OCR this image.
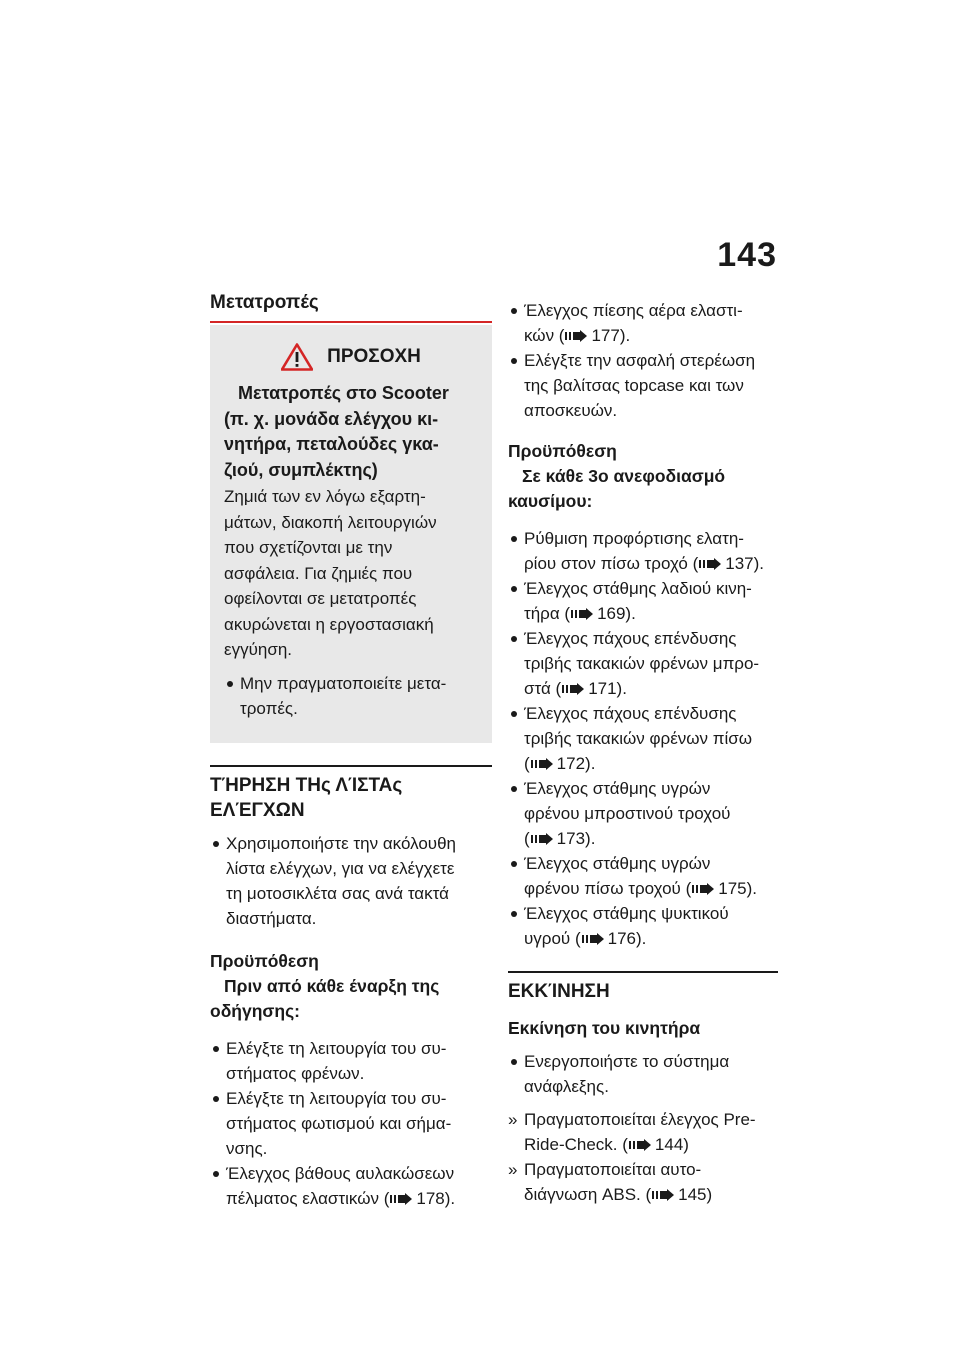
143
Μετατροπές
ΠΡΟΣΟΧΗ
Μετατροπές στο Scooter
(π. χ. μονάδα ελέγχου κι-
νητήρα, πεταλούδες γκα-
ζιού, συμπλέκτης)
Ζημιά των εν λόγω εξαρτη-
μάτων, διακοπή λειτουργιών
που σχετίζονται με την
ασφάλεια. Για ζημιές που
οφείλονται σε μετατροπές
ακυρώνεται η εργοστασιακή
εγγύηση.
Μην πραγματοποιείτε μετα-
τροπές.
ΤΉΡΗΣΗ ΤΗς ΛΊΣΤΑς
ΕΛΈΓΧΩΝ
Χρησιμοποιήστε την ακόλουθη
λίστα ελέγχων, για να ελέγχετε
τη μοτοσικλέτα σας ανά τακτά
διαστήματα.
Προϋπόθεση
Πριν από κάθε έναρξη της
οδήγησης:
Ελέγξτε τη λειτουργία του συ-
στήματος φρένων.
Ελέγξτε τη λειτουργία του συ-
στήματος φωτισμού και σήμα-
νσης.
Έλεγχος βάθους αυλακώσεων
πέλματος ελαστικών ( 178).
Έλεγχος πίεσης αέρα ελαστι-
κών ( 177).
Ελέγξτε την ασφαλή στερέωση
της βαλίτσας topcase και των
αποσκευών.
Προϋπόθεση
Σε κάθε 3ο ανεφοδιασμό
καυσίμου:
Ρύθμιση προφόρτισης ελατη-
ρίου στον πίσω τροχό ( 137).
Έλεγχος στάθμης λαδιού κινη-
τήρα ( 169).
Έλεγχος πάχους επένδυσης
τριβής τακακιών φρένων μπρο-
στά ( 171).
Έλεγχος πάχους επένδυσης
τριβής τακακιών φρένων πίσω
( 172).
Έλεγχος στάθμης υγρών
φρένου μπροστινού τροχού
( 173).
Έλεγχος στάθμης υγρών
φρένου πίσω τροχού ( 175).
Έλεγχος στάθμης ψυκτικού
υγρού ( 176).
ΕΚΚΊΝΗΣΗ
Εκκίνηση του κινητήρα
Ενεργοποιήστε το σύστημα
ανάφλεξης.
» Πραγματοποιείται έλεγχος Pre-
Ride-Check. ( 144)
» Πραγματοποιείται αυτο-
διάγνωση ABS. ( 145)
